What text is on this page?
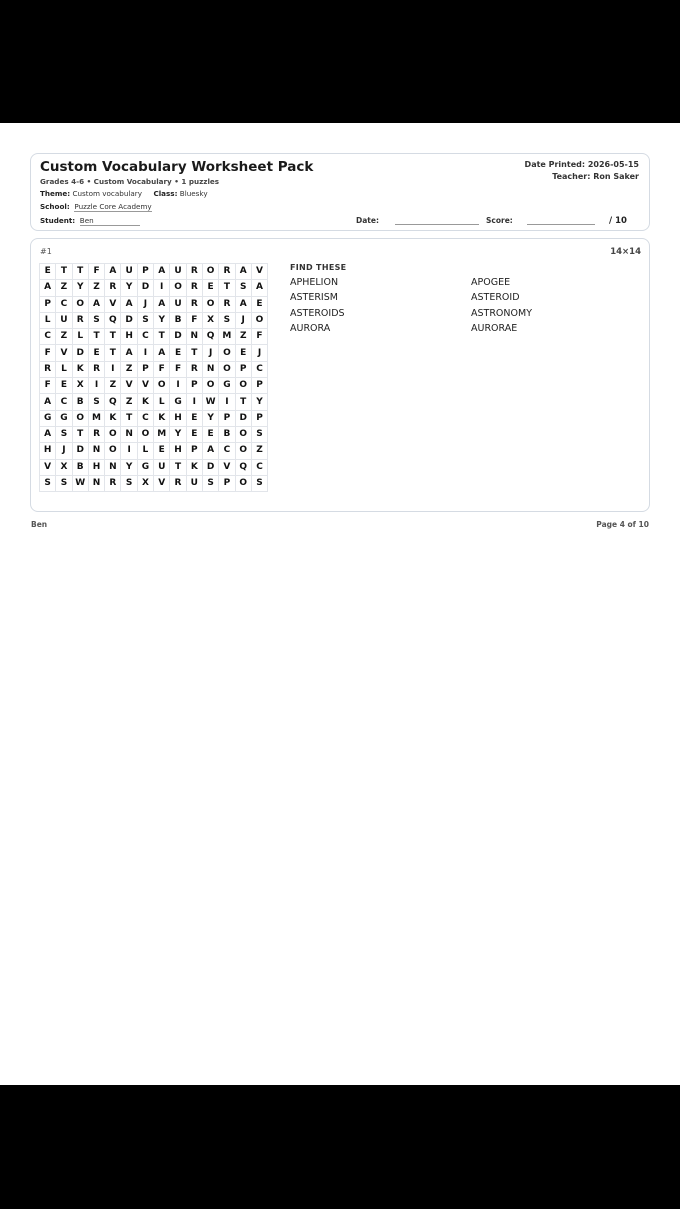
Custom Vocabulary Worksheet Pack
Grades 4-6 • Custom Vocabulary • 1 puzzles
Theme: Custom vocabulary Class: Bluesky
School: Puzzle Core Academy
Student: Ben
Date Printed: 2026-05-15
Teacher: Ron Saker
Date:	Score:	/ 10
#1	14×14
E	T	T	F	A	U	P	A	U	R	O	R	A	V
A	Z	Y	Z	R	Y	D	I	O	R	E	T	S	A
P	C	O	A	V	A	J	A	U	R	O	R	A	E
L	U	R	S	Q	D	S	Y	B	F	X	S	J	O
C	Z	L	T	T	H	C	T	D	N	Q	M	Z	F
F	V	D	E	T	A	I	A	E	T	J	O	E	J
R	L	K	R	I	Z	P	F	F	R	N	O	P	C
F	E	X	I	Z	V	V	O	I	P	O	G	O	P
A	C	B	S	Q	Z	K	L	G	I	W	I	T	Y
G	G	O	M	K	T	C	K	H	E	Y	P	D	P
A	S	T	R	O	N	O	M	Y	E	E	B	O	S
H	J	D	N	O	I	L	E	H	P	A	C	O	Z
V	X	B	H	N	Y	G	U	T	K	D	V	Q	C
S	S	W	N	R	S	X	V	R	U	S	P	O	S
FIND THESE
APHELION	APOGEE
ASTERISM	ASTEROID
ASTEROIDS	ASTRONOMY
AURORA	AURORAE
Ben	Page 4 of 10
